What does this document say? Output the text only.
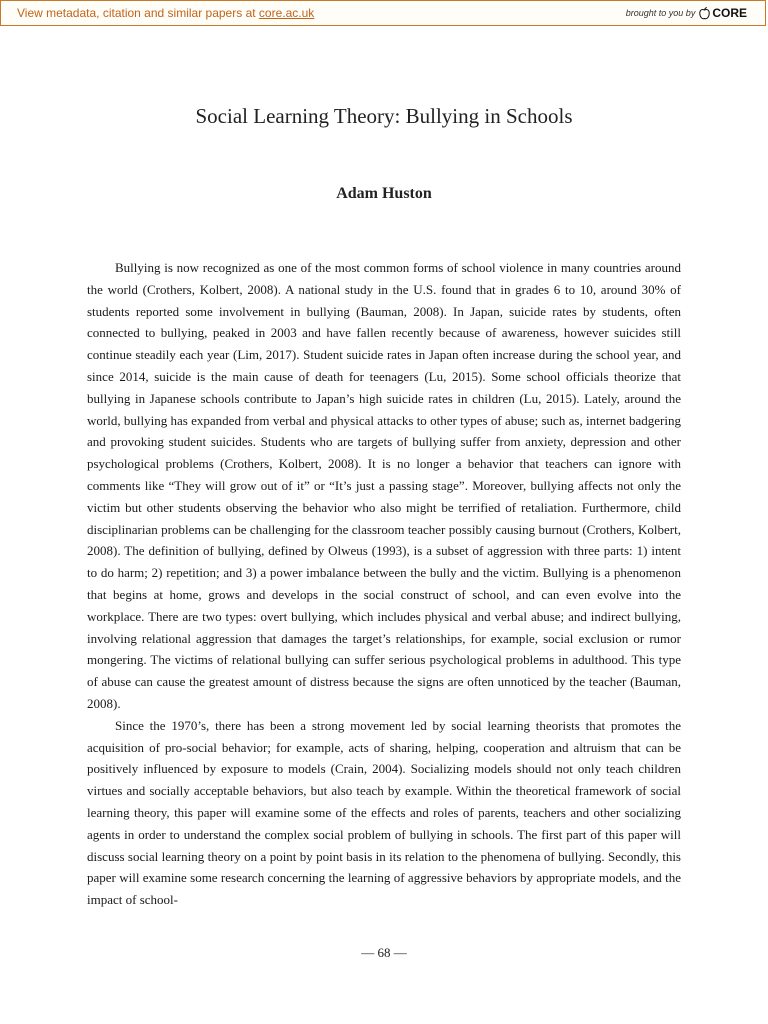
View metadata, citation and similar papers at core.ac.uk	brought to you by CORE
Social Learning Theory: Bullying in Schools
Adam Huston

Bullying is now recognized as one of the most common forms of school violence in many countries around the world (Crothers, Kolbert, 2008). A national study in the U.S. found that in grades 6 to 10, around 30% of students reported some involvement in bullying (Bauman, 2008). In Japan, suicide rates by students, often connected to bullying, peaked in 2003 and have fallen recently because of awareness, however suicides still continue steadily each year (Lim, 2017). Student suicide rates in Japan often increase during the school year, and since 2014, suicide is the main cause of death for teenagers (Lu, 2015). Some school officials theorize that bullying in Japanese schools contribute to Japan’s high suicide rates in children (Lu, 2015). Lately, around the world, bullying has expanded from verbal and physical attacks to other types of abuse; such as, internet badgering and provoking student suicides. Students who are targets of bullying suffer from anxiety, depression and other psychological problems (Crothers, Kolbert, 2008). It is no longer a behavior that teachers can ignore with comments like “They will grow out of it” or “It’s just a passing stage”. Moreover, bullying affects not only the victim but other students observing the behavior who also might be terrified of retaliation. Furthermore, child disciplinarian problems can be challenging for the classroom teacher possibly causing burnout (Crothers, Kolbert, 2008). The definition of bullying, defined by Olweus (1993), is a subset of aggression with three parts: 1) intent to do harm; 2) repetition; and 3) a power imbalance between the bully and the victim. Bullying is a phenomenon that begins at home, grows and develops in the social construct of school, and can even evolve into the workplace. There are two types: overt bullying, which includes physical and verbal abuse; and indirect bullying, involving relational aggression that damages the target’s relationships, for example, social exclusion or rumor mongering. The victims of relational bullying can suffer serious psychological problems in adulthood. This type of abuse can cause the greatest amount of distress because the signs are often unnoticed by the teacher (Bauman, 2008).

Since the 1970’s, there has been a strong movement led by social learning theorists that promotes the acquisition of pro-social behavior; for example, acts of sharing, helping, cooperation and altruism that can be positively influenced by exposure to models (Crain, 2004). Socializing models should not only teach children virtues and socially acceptable behaviors, but also teach by example. Within the theoretical framework of social learning theory, this paper will examine some of the effects and roles of parents, teachers and other socializing agents in order to understand the complex social problem of bullying in schools. The first part of this paper will discuss social learning theory on a point by point basis in its relation to the phenomena of bullying. Secondly, this paper will examine some research concerning the learning of aggressive behaviors by appropriate models, and the impact of school-

— 68 —
